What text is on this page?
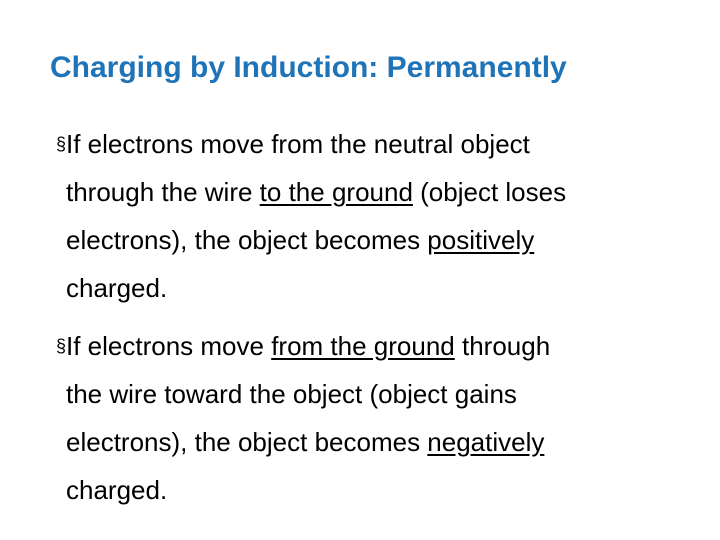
Charging by Induction: Permanently
§ If electrons move from the neutral object
through the wire to the ground (object loses
electrons), the object becomes positively
charged.
§ If electrons move from the ground through
the wire toward the object (object gains
electrons), the object becomes negatively
charged.
